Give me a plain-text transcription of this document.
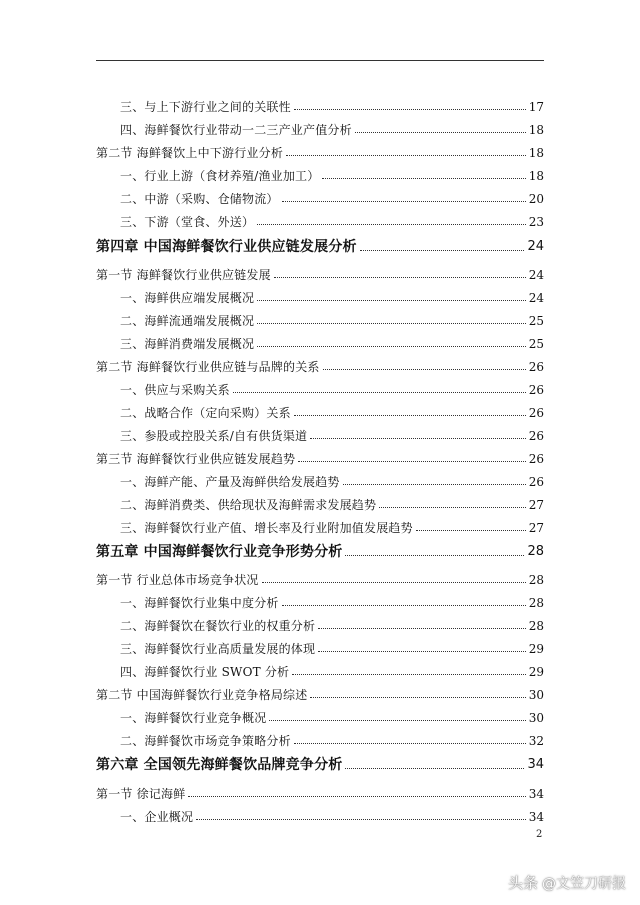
三、与上下游行业之间的关联性	17
四、海鲜餐饮行业带动一二三产业产值分析	18
第二节 海鲜餐饮上中下游行业分析	18
一、行业上游（食材养殖/渔业加工）	18
二、中游（采购、仓储物流）	20
三、下游（堂食、外送）	23
第四章 中国海鲜餐饮行业供应链发展分析	24
第一节 海鲜餐饮行业供应链发展	24
一、海鲜供应端发展概况	24
二、海鲜流通端发展概况	25
三、海鲜消费端发展概况	25
第二节 海鲜餐饮行业供应链与品牌的关系	26
一、供应与采购关系	26
二、战略合作（定向采购）关系	26
三、参股或控股关系/自有供货渠道	26
第三节 海鲜餐饮行业供应链发展趋势	26
一、海鲜产能、产量及海鲜供给发展趋势	26
二、海鲜消费类、供给现状及海鲜需求发展趋势	27
三、海鲜餐饮行业产值、增长率及行业附加值发展趋势	27
第五章 中国海鲜餐饮行业竞争形势分析	28
第一节 行业总体市场竞争状况	28
一、海鲜餐饮行业集中度分析	28
二、海鲜餐饮在餐饮行业的权重分析	28
三、海鲜餐饮行业高质量发展的体现	29
四、海鲜餐饮行业 SWOT 分析	29
第二节 中国海鲜餐饮行业竞争格局综述	30
一、海鲜餐饮行业竞争概况	30
二、海鲜餐饮市场竞争策略分析	32
第六章 全国领先海鲜餐饮品牌竞争分析	34
第一节 徐记海鲜	34
一、企业概况	34
2
头条 @文笠刀研报
